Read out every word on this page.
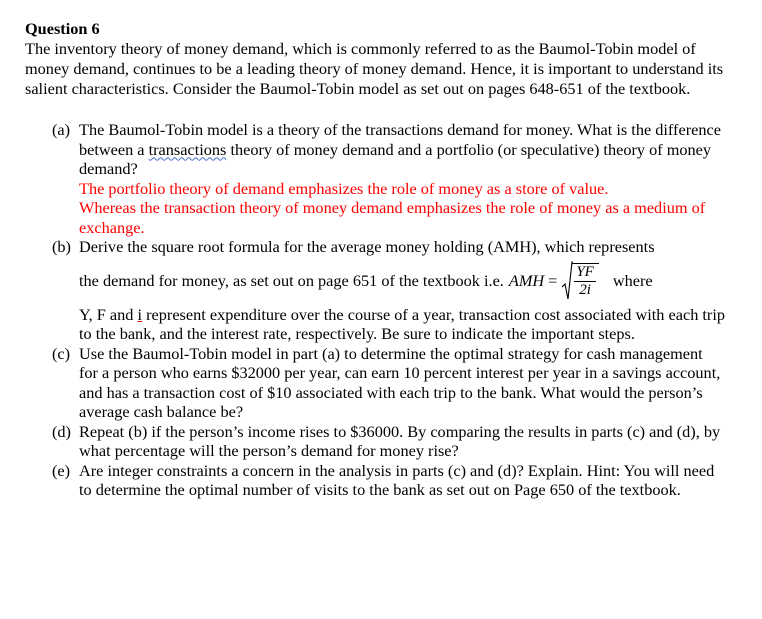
Question 6

The inventory theory of money demand, which is commonly referred to as the Baumol-Tobin model of money demand, continues to be a leading theory of money demand. Hence, it is important to understand its salient characteristics. Consider the Baumol-Tobin model as set out on pages 648-651 of the textbook.

(a) The Baumol-Tobin model is a theory of the transactions demand for money. What is the difference between a transactions theory of money demand and a portfolio (or speculative) theory of money demand?
The portfolio theory of demand emphasizes the role of money as a store of value.
Whereas the transaction theory of money demand emphasizes the role of money as a medium of exchange.
(b) Derive the square root formula for the average money holding (AMH), which represents
the demand for money, as set out on page 651 of the textbook i.e. AMH = $\frac{YF}{2i}$ where
Y, F and i represent expenditure over the course of a year, transaction cost associated with each trip to the bank, and the interest rate, respectively. Be sure to indicate the important steps.
(c) Use the Baumol-Tobin model in part (a) to determine the optimal strategy for cash management for a person who earns $32000 per year, can earn 10 percent interest per year in a savings account, and has a transaction cost of $10 associated with each trip to the bank. What would the person’s average cash balance be?
(d) Repeat (b) if the person’s income rises to $36000. By comparing the results in parts (c) and (d), by what percentage will the person’s demand for money rise?
(e) Are integer constraints a concern in the analysis in parts (c) and (d)? Explain. Hint: You will need to determine the optimal number of visits to the bank as set out on Page 650 of the textbook.
